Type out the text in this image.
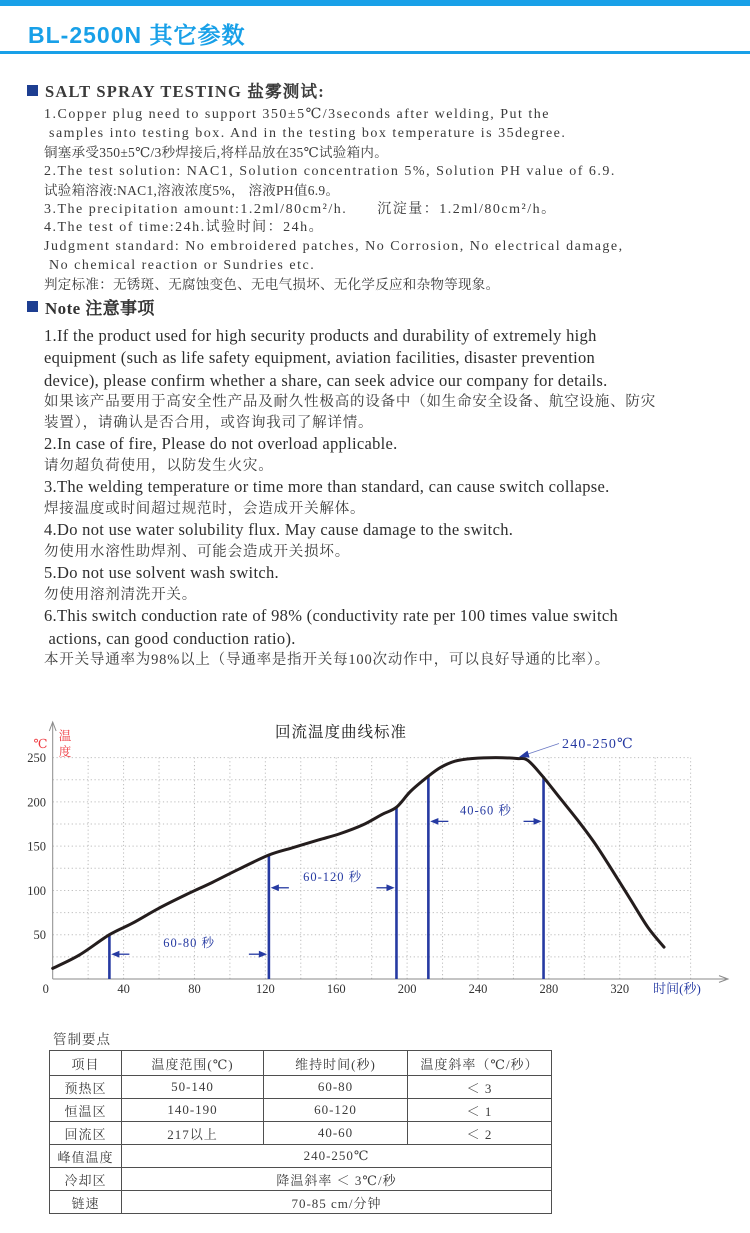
BL-2500N 其它参数
SALT SPRAY TESTING 盐雾测试:
1.Copper plug need to support 350±5℃/3seconds after welding, Put the
samples into testing box. And in the testing box temperature is 35degree.
铜塞承受350±5℃/3秒焊接后,将样品放在35℃试验箱内。
2.The test solution: NAC1, Solution concentration 5%, Solution PH value of 6.9.
试验箱溶液:NAC1,溶液浓度5%， 溶液PH值6.9。
3.The precipitation amount:1.2ml/80cm²/h.      沉淀量：1.2ml/80cm²/h。
4.The test of time:24h.试验时间：24h。
Judgment standard: No embroidered patches, No Corrosion, No electrical damage,
No chemical reaction or Sundries etc.
判定标准：无锈斑、无腐蚀变色、无电气损坏、无化学反应和杂物等现象。
Note 注意事项
1.If the product used for high security products and durability of extremely high
equipment (such as life safety equipment, aviation facilities, disaster prevention
device), please confirm whether a share, can seek advice our company for details.
如果该产品要用于高安全性产品及耐久性极高的设备中（如生命安全设备、航空设施、防灾
装置），请确认是否合用，或咨询我司了解详情。
2.In case of fire, Please do not overload applicable.
请勿超负荷使用，以防发生火灾。
3.The welding temperature or time more than standard, can cause switch collapse.
焊接温度或时间超过规范时，会造成开关解体。
4.Do not use water solubility flux. May cause damage to the switch.
勿使用水溶性助焊剂、可能会造成开关损坏。
5.Do not use solvent wash switch.
勿使用溶剂清洗开关。
6.This switch conduction rate of 98% (conductivity rate per 100 times value switch
actions, can good conduction ratio).
本开关导通率为98%以上（导通率是指开关每100次动作中，可以良好导通的比率）。
0	40	80	120	160	200	240	280	320
50
100
150
200
250
℃
温
度
时间(秒)
回流温度曲线标准
60-80 秒
60-120 秒
40-60 秒
240-250℃
管制要点
项目	温度范围(℃)	维持时间(秒)	温度斜率（℃/秒）
预热区	50-140	60-80	＜ 3
恒温区	140-190	60-120	＜ 1
回流区	217以上	40-60	＜ 2
峰值温度	240-250℃		
冷却区	降温斜率 ＜ 3℃/秒		
链速	70-85 cm/分钟		
